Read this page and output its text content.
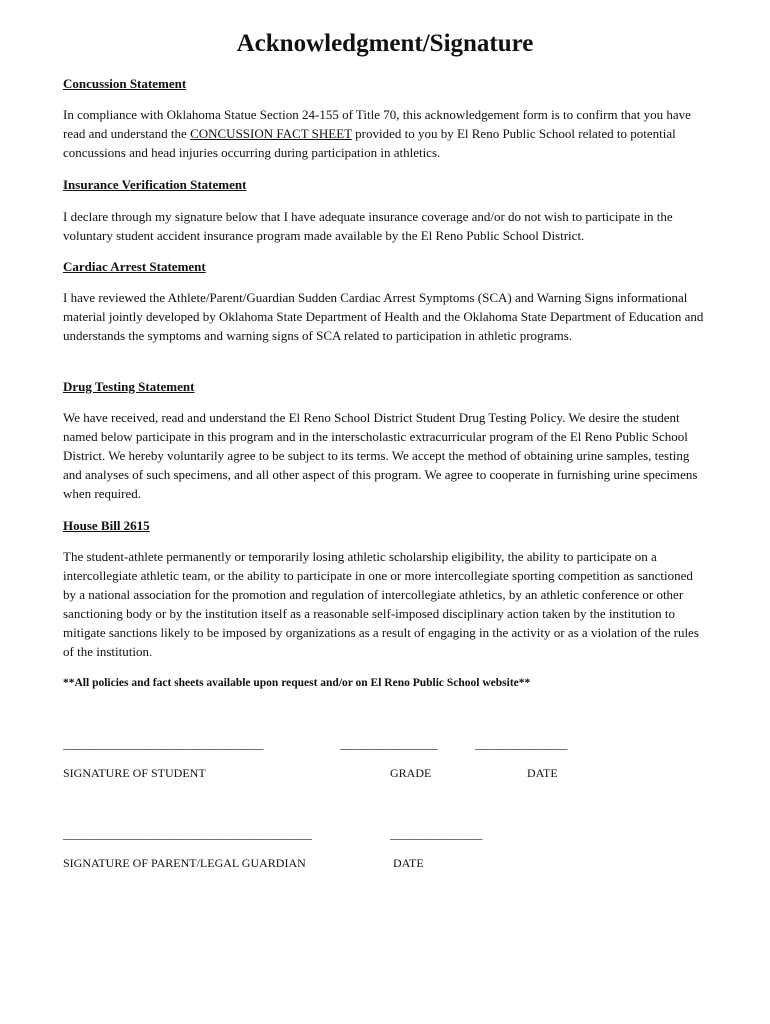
Acknowledgment/Signature
Concussion Statement

In compliance with Oklahoma Statue Section 24-155 of Title 70, this acknowledgement form is to confirm that you have read and understand the CONCUSSION FACT SHEET provided to you by El Reno Public School related to potential concussions and head injuries occurring during participation in athletics.

Insurance Verification Statement

I declare through my signature below that I have adequate insurance coverage and/or do not wish to participate in the voluntary student accident insurance program made available by the El Reno Public School District.

Cardiac Arrest Statement

I have reviewed the Athlete/Parent/Guardian Sudden Cardiac Arrest Symptoms (SCA) and Warning Signs informational material jointly developed by Oklahoma State Department of Health and the Oklahoma State Department of Education and understands the symptoms and warning signs of SCA related to participation in athletic programs.

Drug Testing Statement

We have received, read and understand the El Reno School District Student Drug Testing Policy. We desire the student named below participate in this program and in the interscholastic extracurricular program of the El Reno Public School District. We hereby voluntarily agree to be subject to its terms. We accept the method of obtaining urine samples, testing and analyses of such specimens, and all other aspect of this program. We agree to cooperate in furnishing urine specimens when required.

House Bill 2615

The student-athlete permanently or temporarily losing athletic scholarship eligibility, the ability to participate on a intercollegiate athletic team, or the ability to participate in one or more intercollegiate sporting competition as sanctioned by a national association for the promotion and regulation of intercollegiate athletics, by an athletic conference or other sanctioning body or by the institution itself as a reasonable self-imposed disciplinary action taken by the institution to mitigate sanctions likely to be imposed by organizations as a result of engaging in the activity or as a violation of the rules of the institution.

**All policies and fact sheets available upon request and/or on El Reno Public School website**
_____________________________________	__________________	_________________
SIGNATURE OF STUDENT	GRADE	DATE
______________________________________________	_________________
SIGNATURE OF PARENT/LEGAL GUARDIAN	DATE
